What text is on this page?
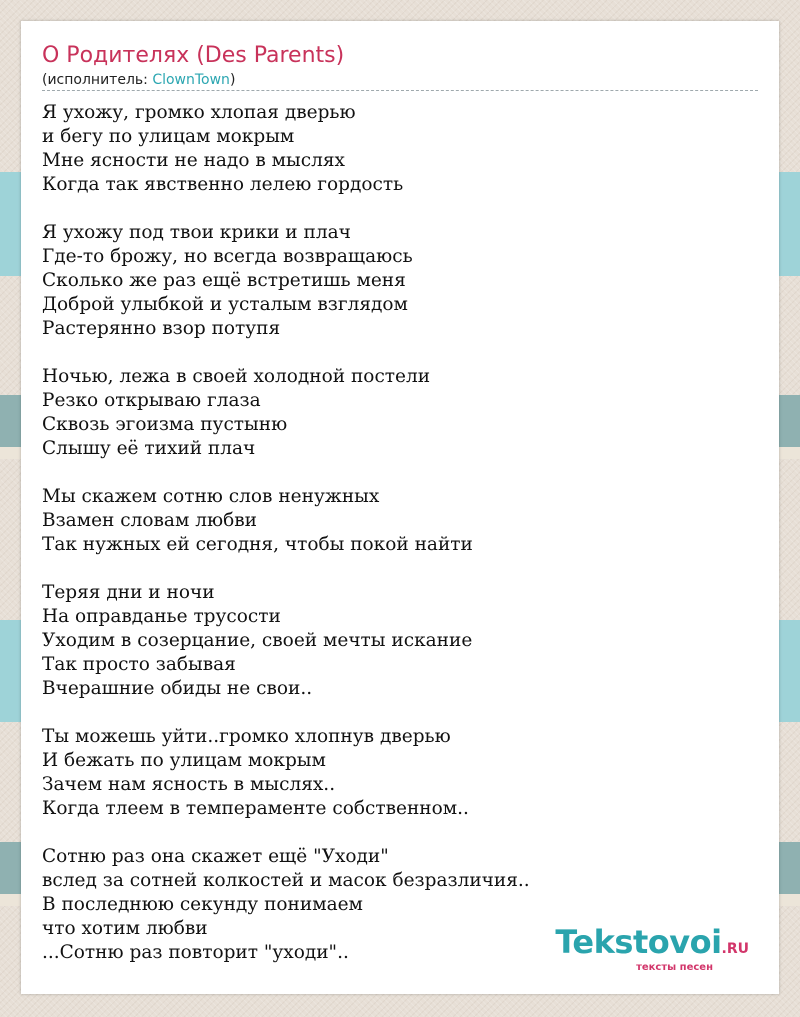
О Родителях (Des Parents)
(исполнитель: ClownTown)
Я ухожу, громко хлопая дверью
и бегу по улицам мокрым
Мне ясности не надо в мыслях
Когда так явственно лелею гордость
Я ухожу под твои крики и плач
Где-то брожу, но всегда возвращаюсь
Сколько же раз ещё встретишь меня
Доброй улыбкой и усталым взглядом
Растерянно взор потупя
Ночью, лежа в своей холодной постели
Резко открываю глаза
Сквозь эгоизма пустыню
Слышу её тихий плач
Мы скажем сотню слов ненужных
Взамен словам любви
Так нужных ей сегодня, чтобы покой найти
Теряя дни и ночи
На оправданье трусости
Уходим в созерцание, своей мечты искание
Так просто забывая
Вчерашние обиды не свои..
Ты можешь уйти..громко хлопнув дверью
И бежать по улицам мокрым
Зачем нам ясность в мыслях..
Когда тлеем в темпераменте собственном..
Сотню раз она скажет ещё "Уходи"
вслед за сотней колкостей и масок безразличия..
В последнюю секунду понимаем
что хотим любви
...Сотню раз повторит "уходи"..	Tekstovoi.RU
тексты песен
